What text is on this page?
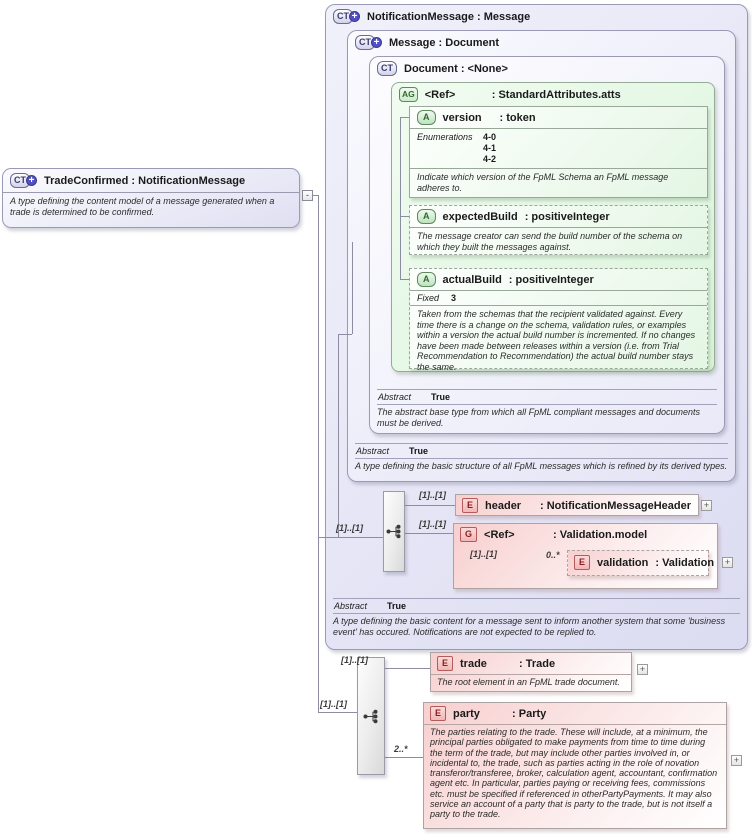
CT + NotificationMessage : Message
CT + Message : Document
CT	Document : <None>
AG <Ref>	: StandardAttributes.atts
A	version	: token
Enumerations	4-0
4-1
4-2
Indicate which version of the FpML Schema an FpML message adheres to.
A	expectedBuild : positiveInteger
The message creator can send the build number of the schema on which they built the messages against.
A	actualBuild : positiveInteger
Fixed	3
Taken from the schemas that the recipient validated against. Every time there is a change on the schema, validation rules, or examples within a version the actual build number is incremented. If no changes have been made between releases within a version (i.e. from Trial Recommendation to Recommendation) the actual build number stays the same.
Abstract True
The abstract base type from which all FpML compliant messages and documents must be derived.
Abstract True
A type defining the basic structure of all FpML messages which is refined by its derived types.
Abstract True
A type defining the basic content for a message sent to inform another system that some 'business event' has occured. Notifications are not expected to be replied to.
E	header	: NotificationMessageHeader	+
G	<Ref>	: Validation.model
E	validation : Validation	+
E	trade	: Trade
The root element in an FpML trade document.
+
E	party	: Party
The parties relating to the trade. These will include, at a minimum, the principal parties obligated to make payments from time to time during the term of the trade, but may include other parties involved in, or incidental to, the trade, such as parties acting in the role of novation transferor/transferee, broker, calculation agent, accountant, confirmation agent etc. In particular, parties paying or receiving fees, commissions etc. must be specified if referenced in otherPartyPayments. It may also service an account of a party that is party to the trade, but is not itself a party to the trade.
+
[1]..[1]
[1]..[1]
[1]..[1]
[1]..[1]	0..*
[1]..[1]
[1]..[1]
2..*
CT + TradeConfirmed : NotificationMessage
A type defining the content model of a message generated when a trade is determined to be confirmed.
-
